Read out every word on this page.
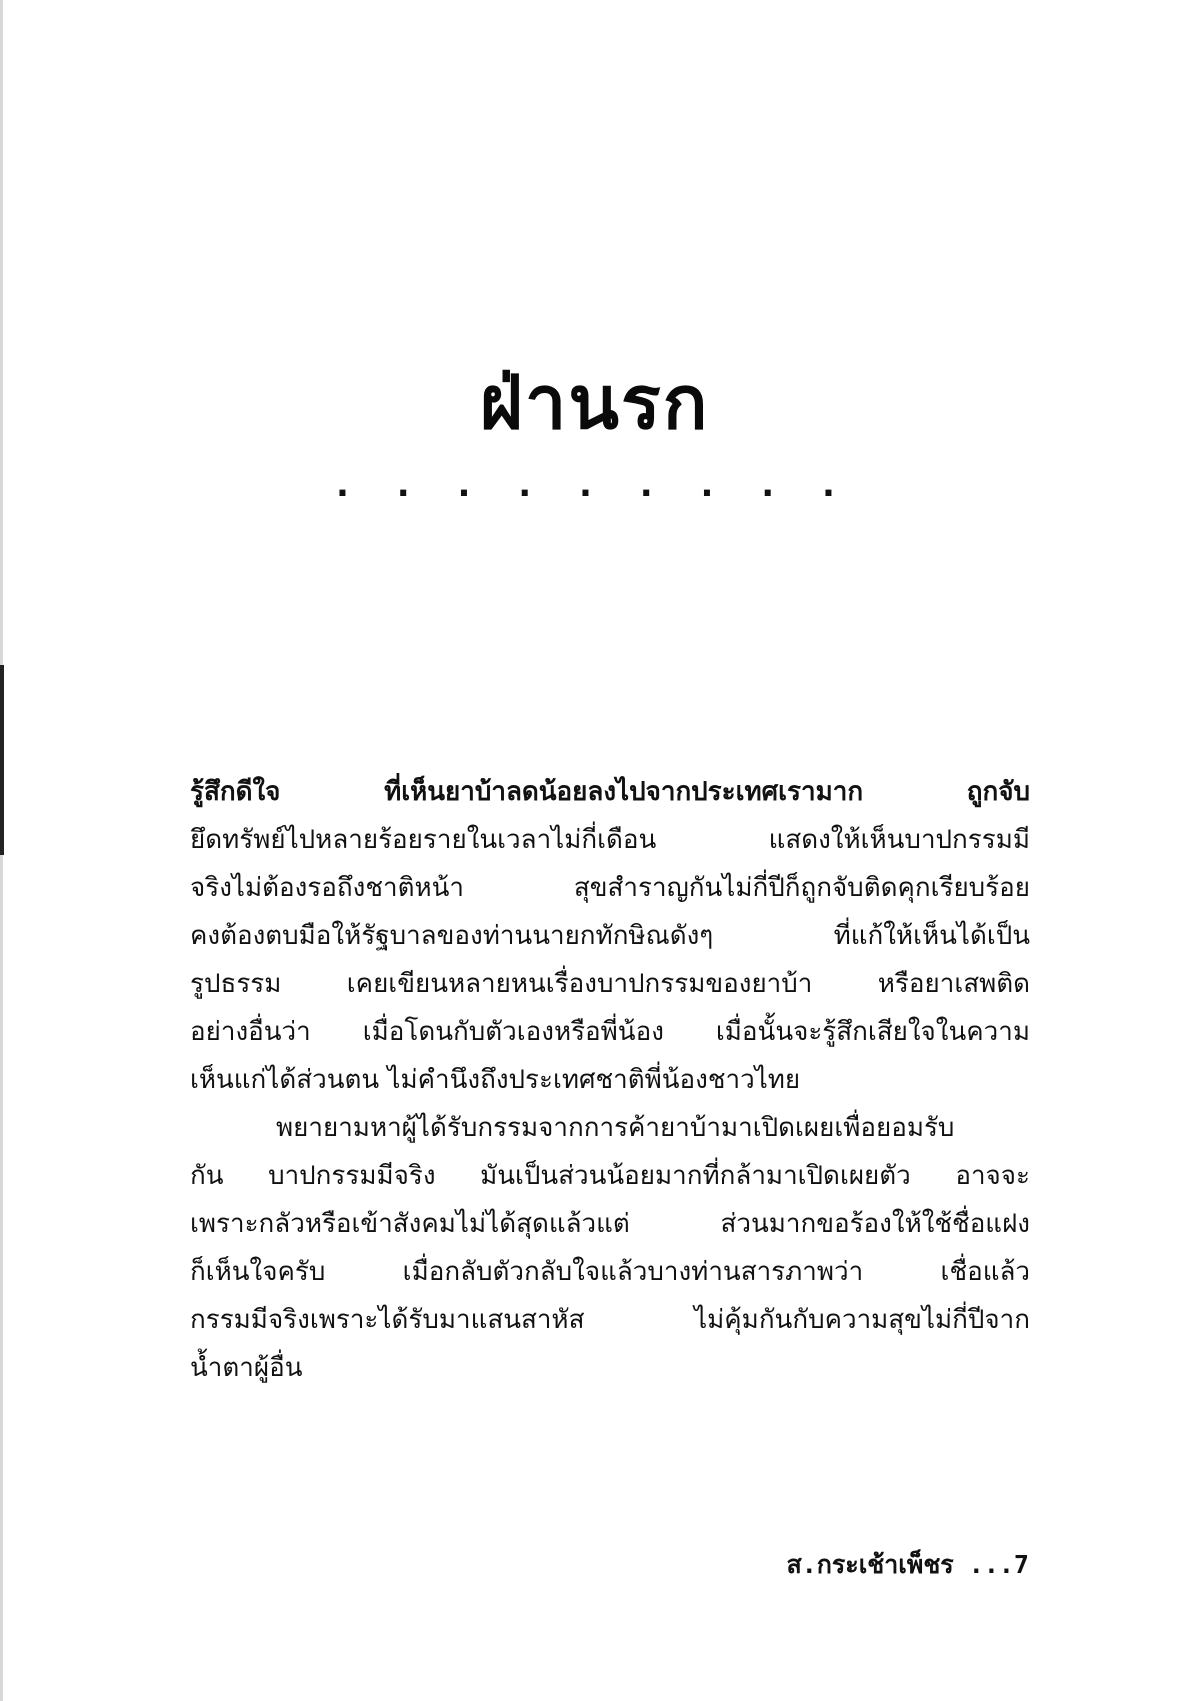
ฝ่านรก
. . . . . . . . .
รู้สึกดีใจ ที่เห็นยาบ้าลดน้อยลงไปจากประเทศเรามาก ถูกจับ
ยึดทรัพย์ไปหลายร้อยรายในเวลาไม่กี่เดือน แสดงให้เห็นบาปกรรมมี
จริงไม่ต้องรอถึงชาติหน้า สุขสำราญกันไม่กี่ปีก็ถูกจับติดคุกเรียบร้อย
คงต้องตบมือให้รัฐบาลของท่านนายกทักษิณดังๆ ที่แก้ให้เห็นได้เป็น
รูปธรรม เคยเขียนหลายหนเรื่องบาปกรรมของยาบ้า หรือยาเสพติด
อย่างอื่นว่า เมื่อโดนกับตัวเองหรือพี่น้อง เมื่อนั้นจะรู้สึกเสียใจในความ
เห็นแก่ได้ส่วนตน ไม่คำนึงถึงประเทศชาติพี่น้องชาวไทย
พยายามหาผู้ได้รับกรรมจากการค้ายาบ้ามาเปิดเผยเพื่อยอมรับ
กัน บาปกรรมมีจริง มันเป็นส่วนน้อยมากที่กล้ามาเปิดเผยตัว อาจจะ
เพราะกลัวหรือเข้าสังคมไม่ได้สุดแล้วแต่ ส่วนมากขอร้องให้ใช้ชื่อแฝง
ก็เห็นใจครับ เมื่อกลับตัวกลับใจแล้วบางท่านสารภาพว่า เชื่อแล้ว
กรรมมีจริงเพราะได้รับมาแสนสาหัส ไม่คุ้มกันกับความสุขไม่กี่ปีจาก
น้ำตาผู้อื่น
ส.กระเช้าเพ็ชร ...7
